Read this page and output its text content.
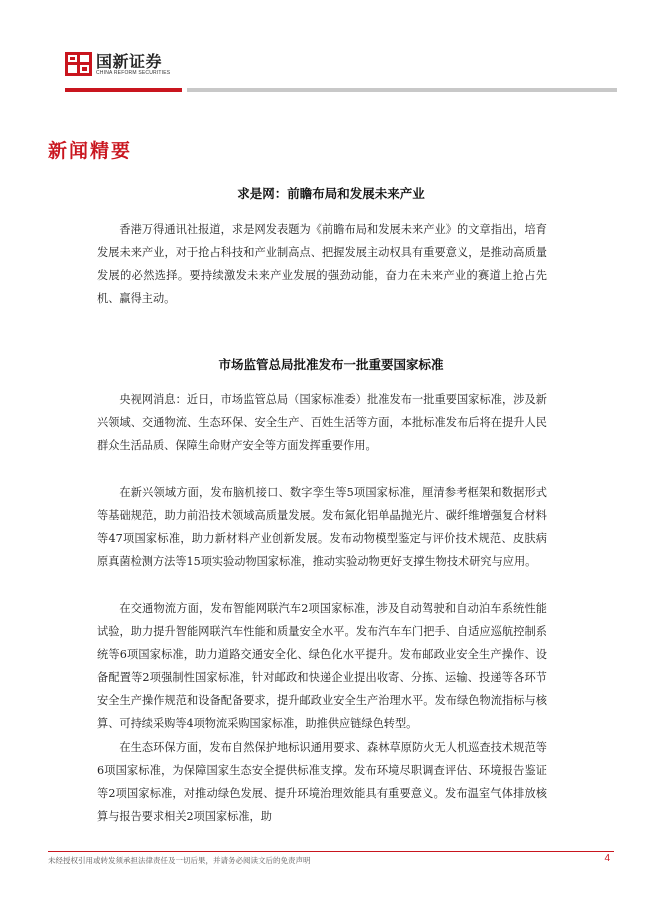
国新证券
CHINA REFORM SECURITIES
新闻精要
求是网：前瞻布局和发展未来产业

香港万得通讯社报道，求是网发表题为《前瞻布局和发展未来产业》的文章指出，培育发展未来产业，对于抢占科技和产业制高点、把握发展主动权具有重要意义，是推动高质量发展的必然选择。要持续激发未来产业发展的强劲动能，奋力在未来产业的赛道上抢占先机、赢得主动。

市场监管总局批准发布一批重要国家标准

央视网消息：近日，市场监管总局（国家标准委）批准发布一批重要国家标准，涉及新兴领域、交通物流、生态环保、安全生产、百姓生活等方面，本批标准发布后将在提升人民群众生活品质、保障生命财产安全等方面发挥重要作用。

在新兴领域方面，发布脑机接口、数字孪生等5项国家标准，厘清参考框架和数据形式等基础规范，助力前沿技术领域高质量发展。发布氮化铝单晶抛光片、碳纤维增强复合材料等47项国家标准，助力新材料产业创新发展。发布动物模型鉴定与评价技术规范、皮肤病原真菌检测方法等15项实验动物国家标准，推动实验动物更好支撑生物技术研究与应用。

在交通物流方面，发布智能网联汽车2项国家标准，涉及自动驾驶和自动泊车系统性能试验，助力提升智能网联汽车性能和质量安全水平。发布汽车车门把手、自适应巡航控制系统等6项国家标准，助力道路交通安全化、绿色化水平提升。发布邮政业安全生产操作、设备配置等2项强制性国家标准，针对邮政和快递企业提出收寄、分拣、运输、投递等各环节安全生产操作规范和设备配备要求，提升邮政业安全生产治理水平。发布绿色物流指标与核算、可持续采购等4项物流采购国家标准，助推供应链绿色转型。

在生态环保方面，发布自然保护地标识通用要求、森林草原防火无人机巡查技术规范等6项国家标准，为保障国家生态安全提供标准支撑。发布环境尽职调查评估、环境报告鉴证等2项国家标准，对推动绿色发展、提升环境治理效能具有重要意义。发布温室气体排放核算与报告要求相关2项国家标准，助

未经授权引用或转发须承担法律责任及一切后果，并请务必阅读文后的免责声明	4
